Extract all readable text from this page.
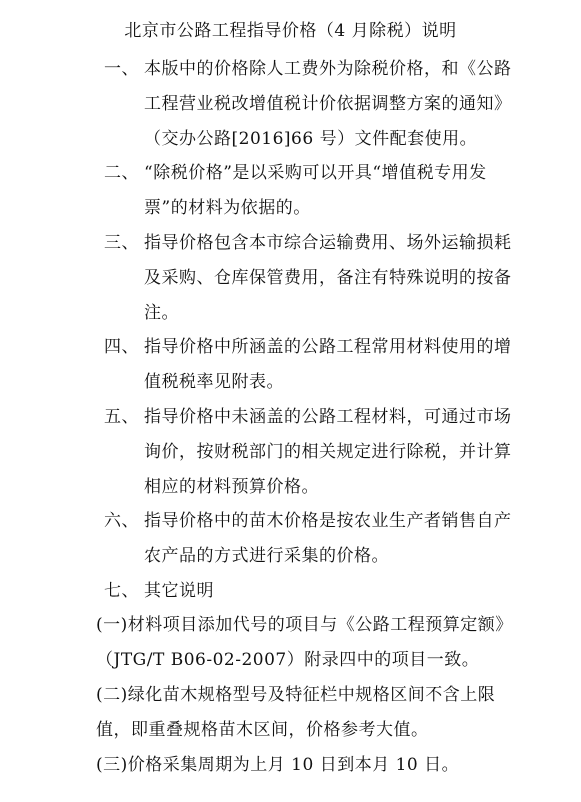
北京市公路工程指导价格（4 月除税）说明
一、 本版中的价格除人工费外为除税价格，和《公路
工程营业税改增值税计价依据调整方案的通知》
（交办公路[2016]66 号）文件配套使用。
二、 “除税价格”是以采购可以开具“增值税专用发
票”的材料为依据的。
三、 指导价格包含本市综合运输费用、场外运输损耗
及采购、仓库保管费用，备注有特殊说明的按备
注。
四、 指导价格中所涵盖的公路工程常用材料使用的增
值税税率见附表。
五、 指导价格中未涵盖的公路工程材料，可通过市场
询价，按财税部门的相关规定进行除税，并计算
相应的材料预算价格。
六、 指导价格中的苗木价格是按农业生产者销售自产
农产品的方式进行采集的价格。
七、 其它说明
(一)材料项目添加代号的项目与《公路工程预算定额》
（JTG/T B06-02-2007）附录四中的项目一致。
(二)绿化苗木规格型号及特征栏中规格区间不含上限
值，即重叠规格苗木区间，价格参考大值。
(三)价格采集周期为上月 10 日到本月 10 日。
